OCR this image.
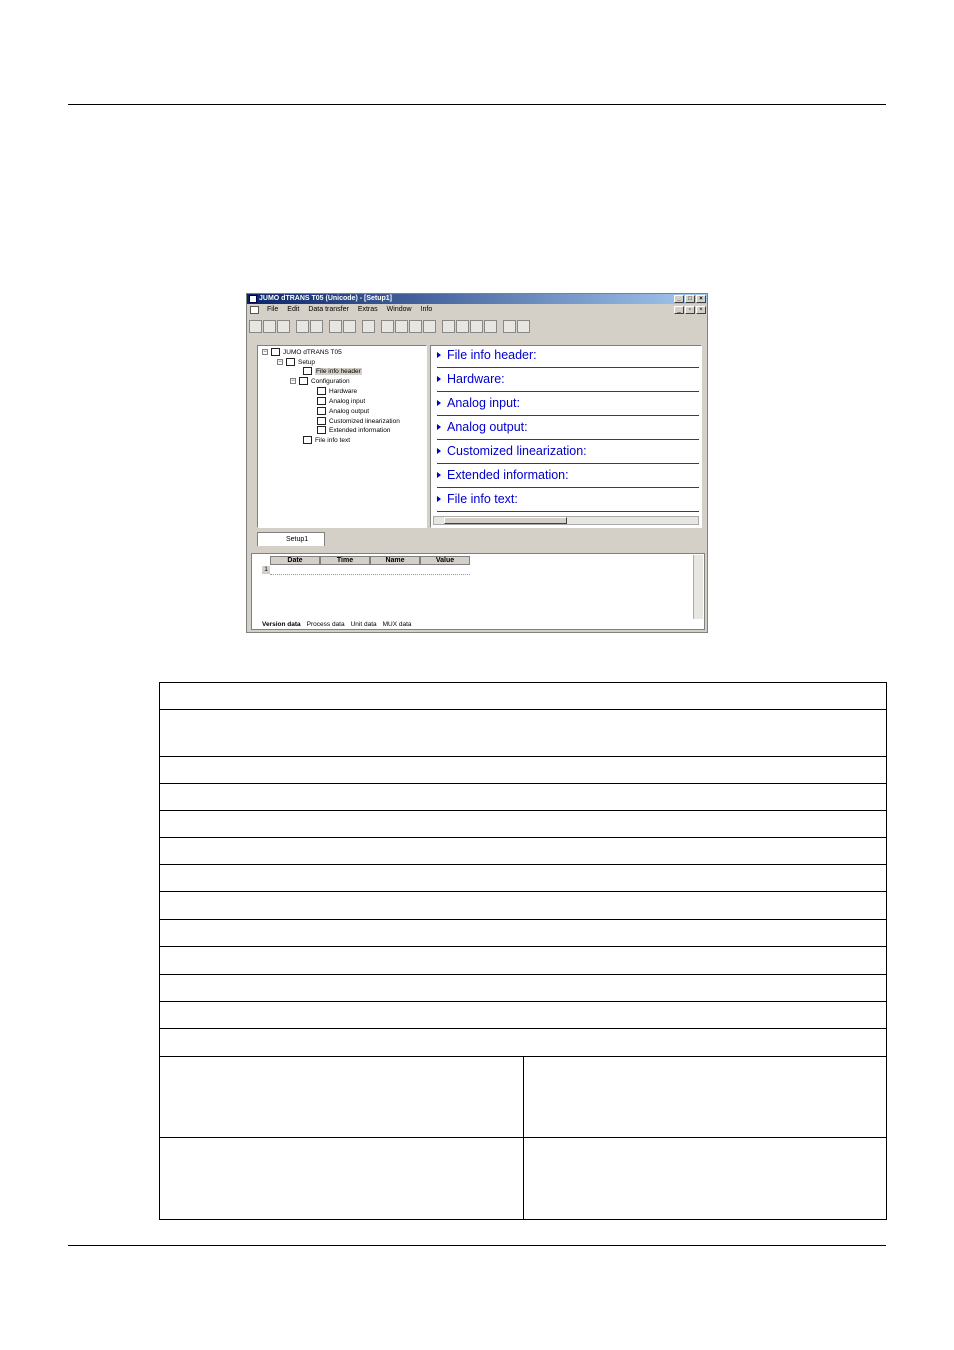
JUMO dTRANS T05 (Unicode) - [Setup1]	_	□	×
File Edit Data transfer Extras Window Info	_	▫	×
−	JUMO dTRANS T05
−	Setup
File info header
−	Configuration
Hardware
Analog input
Analog output
Customized linearization
Extended information
File info text
File info header:
Hardware:
Analog input:
Analog output:
Customized linearization:
Extended information:
File info text:
Setup1
Date	Time	Name	Value
1
Version data Process data Unit data MUX data
